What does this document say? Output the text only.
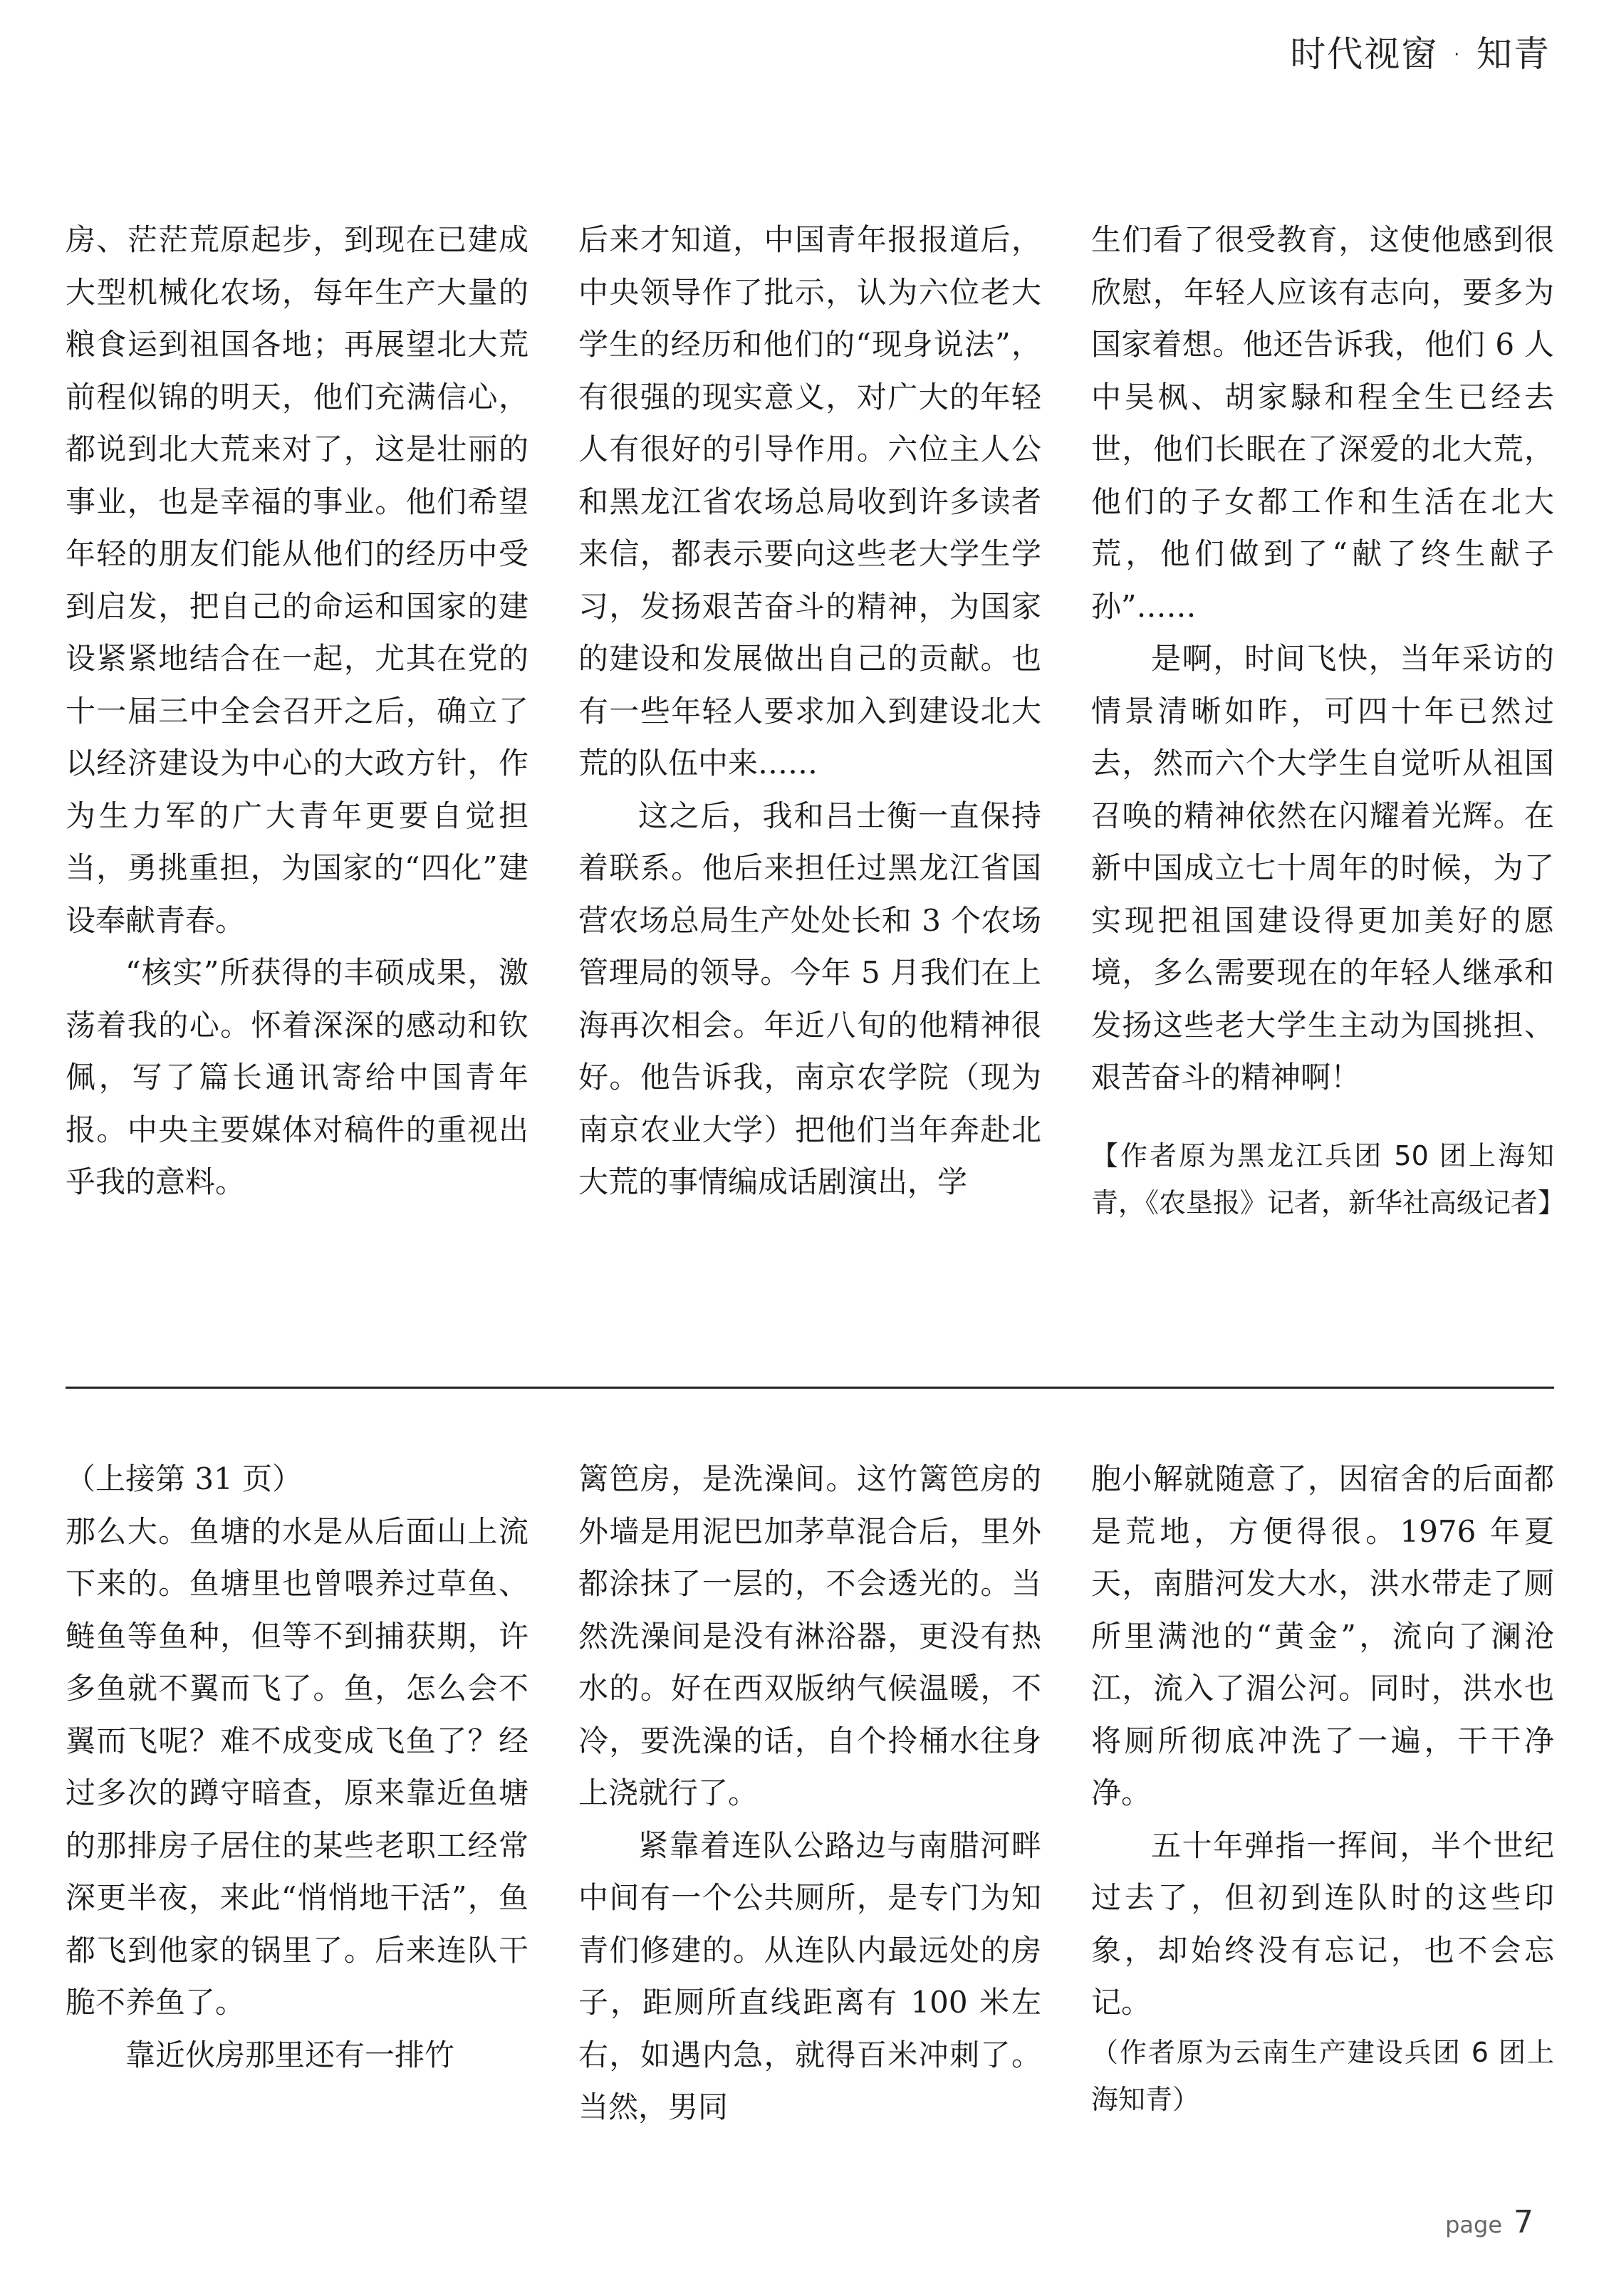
时代视窗 · 知青

房、茫茫荒原起步，到现在已建成大型机械化农场，每年生产大量的粮食运到祖国各地；再展望北大荒前程似锦的明天，他们充满信心，都说到北大荒来对了，这是壮丽的事业，也是幸福的事业。他们希望年轻的朋友们能从他们的经历中受到启发，把自己的命运和国家的建设紧紧地结合在一起，尤其在党的十一届三中全会召开之后，确立了以经济建设为中心的大政方针，作为生力军的广大青年更要自觉担当，勇挑重担，为国家的“四化”建设奉献青春。

“核实”所获得的丰硕成果，激荡着我的心。怀着深深的感动和钦佩，写了篇长通讯寄给中国青年报。中央主要媒体对稿件的重视出乎我的意料。

后来才知道，中国青年报报道后，中央领导作了批示，认为六位老大学生的经历和他们的“现身说法”，有很强的现实意义，对广大的年轻人有很好的引导作用。六位主人公和黑龙江省农场总局收到许多读者来信，都表示要向这些老大学生学习，发扬艰苦奋斗的精神，为国家的建设和发展做出自己的贡献。也有一些年轻人要求加入到建设北大荒的队伍中来……

这之后，我和吕士衡一直保持着联系。他后来担任过黑龙江省国营农场总局生产处处长和 3 个农场管理局的领导。今年 5 月我们在上海再次相会。年近八旬的他精神很好。他告诉我，南京农学院（现为南京农业大学）把他们当年奔赴北大荒的事情编成话剧演出，学

生们看了很受教育，这使他感到很欣慰，年轻人应该有志向，要多为国家着想。他还告诉我，他们 6 人中吴枫、胡家騄和程全生已经去世，他们长眠在了深爱的北大荒，他们的子女都工作和生活在北大荒，他们做到了“献了终生献子孙”……

是啊，时间飞快，当年采访的情景清晰如昨，可四十年已然过去，然而六个大学生自觉听从祖国召唤的精神依然在闪耀着光辉。在新中国成立七十周年的时候，为了实现把祖国建设得更加美好的愿境，多么需要现在的年轻人继承和发扬这些老大学生主动为国挑担、艰苦奋斗的精神啊！

【作者原为黑龙江兵团 50 团上海知青，《农垦报》记者，新华社高级记者】

（上接第 31 页）

那么大。鱼塘的水是从后面山上流下来的。鱼塘里也曾喂养过草鱼、鲢鱼等鱼种，但等不到捕获期，许多鱼就不翼而飞了。鱼，怎么会不翼而飞呢？难不成变成飞鱼了？经过多次的蹲守暗查，原来靠近鱼塘的那排房子居住的某些老职工经常深更半夜，来此“悄悄地干活”，鱼都飞到他家的锅里了。后来连队干脆不养鱼了。

靠近伙房那里还有一排竹

篱笆房，是洗澡间。这竹篱笆房的外墙是用泥巴加茅草混合后，里外都涂抹了一层的，不会透光的。当然洗澡间是没有淋浴器，更没有热水的。好在西双版纳气候温暖，不冷，要洗澡的话，自个拎桶水往身上浇就行了。

紧靠着连队公路边与南腊河畔中间有一个公共厕所，是专门为知青们修建的。从连队内最远处的房子，距厕所直线距离有 100 米左右，如遇内急，就得百米冲刺了。当然，男同

胞小解就随意了，因宿舍的后面都是荒地，方便得很。1976 年夏天，南腊河发大水，洪水带走了厕所里满池的“黄金”，流向了澜沧江，流入了湄公河。同时，洪水也将厕所彻底冲洗了一遍，干干净净。

五十年弹指一挥间，半个世纪过去了，但初到连队时的这些印象，却始终没有忘记，也不会忘记。

（作者原为云南生产建设兵团 6 团上海知青）

page 7
